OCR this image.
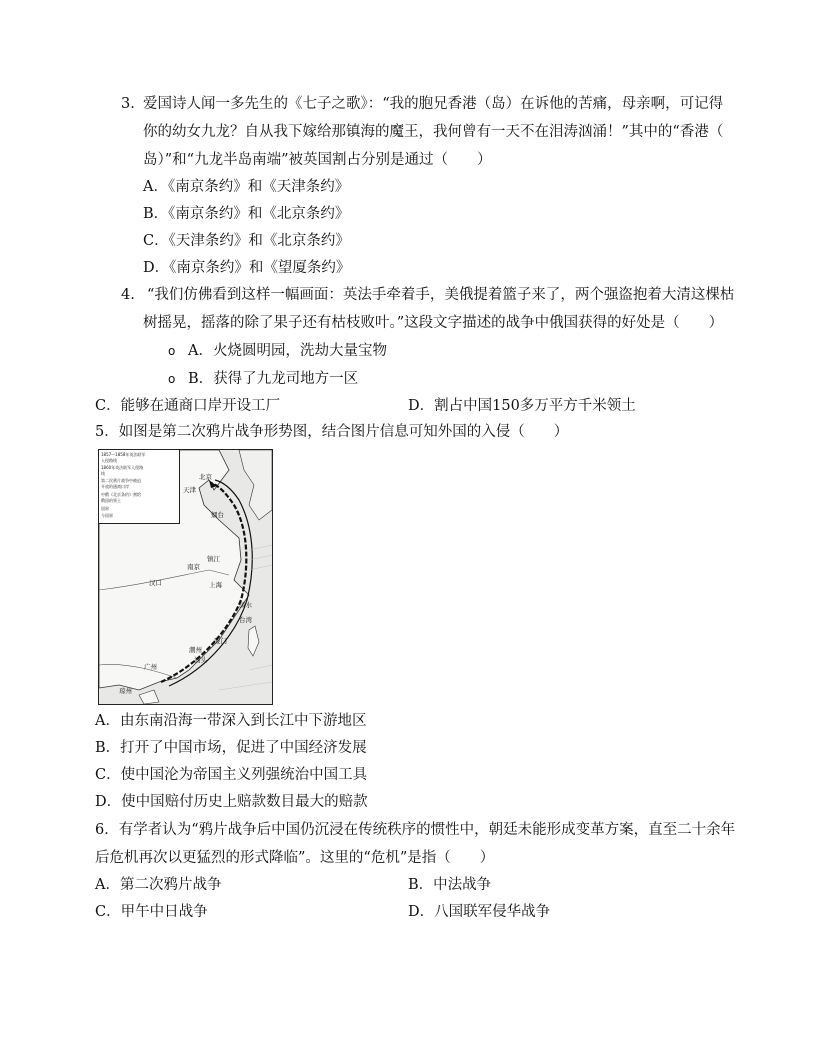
3. 爱国诗人闻一多先生的《七子之歌》：“我的胞兄香港（岛）在诉他的苦痛，母亲啊，可记得
你的幼女九龙？自从我下嫁给那镇海的魔王，我何曾有一天不在泪涛汹涌！”其中的“香港（
岛）”和“九龙半岛南端”被英国割占分别是通过（　　）
A．《南京条约》和《天津条约》
B．《南京条约》和《北京条约》
C．《天津条约》和《北京条约》
D．《南京条约》和《望厦条约》
4. “我们仿佛看到这样一幅画面：英法手牵着手，美俄提着篮子来了，两个强盗抱着大清这棵枯
树摇晃，摇落的除了果子还有枯枝败叶。”这段文字描述的战争中俄国获得的好处是（　　）
o A．火烧圆明园，洗劫大量宝物
o B．获得了九龙司地方一区
C．能够在通商口岸开设工厂	D．割占中国150多万平方千米领土
5．如图是第二次鸦片战争形势图，结合图片信息可知外国的入侵（　　）
1857—1858年英法联军
入侵路线
1860年英法联军入侵路
线
第二次鸦片战争中被迫
开放的通商口岸
中俄《北京条约》割给
俄国的领土
国界
今国界
北京
天津
上海
汉口
广州
南京
镇江
台湾
琼州
汕头
潮州
厦门
淡水
烟台
A．由东南沿海一带深入到长江中下游地区
B．打开了中国市场，促进了中国经济发展
C．使中国沦为帝国主义列强统治中国工具
D．使中国赔付历史上赔款数目最大的赔款
6．有学者认为“鸦片战争后中国仍沉浸在传统秩序的惯性中，朝廷未能形成变革方案，直至二十余年
后危机再次以更猛烈的形式降临”。这里的“危机”是指（　　）
A．第二次鸦片战争	B．中法战争
C．甲午中日战争	D．八国联军侵华战争
